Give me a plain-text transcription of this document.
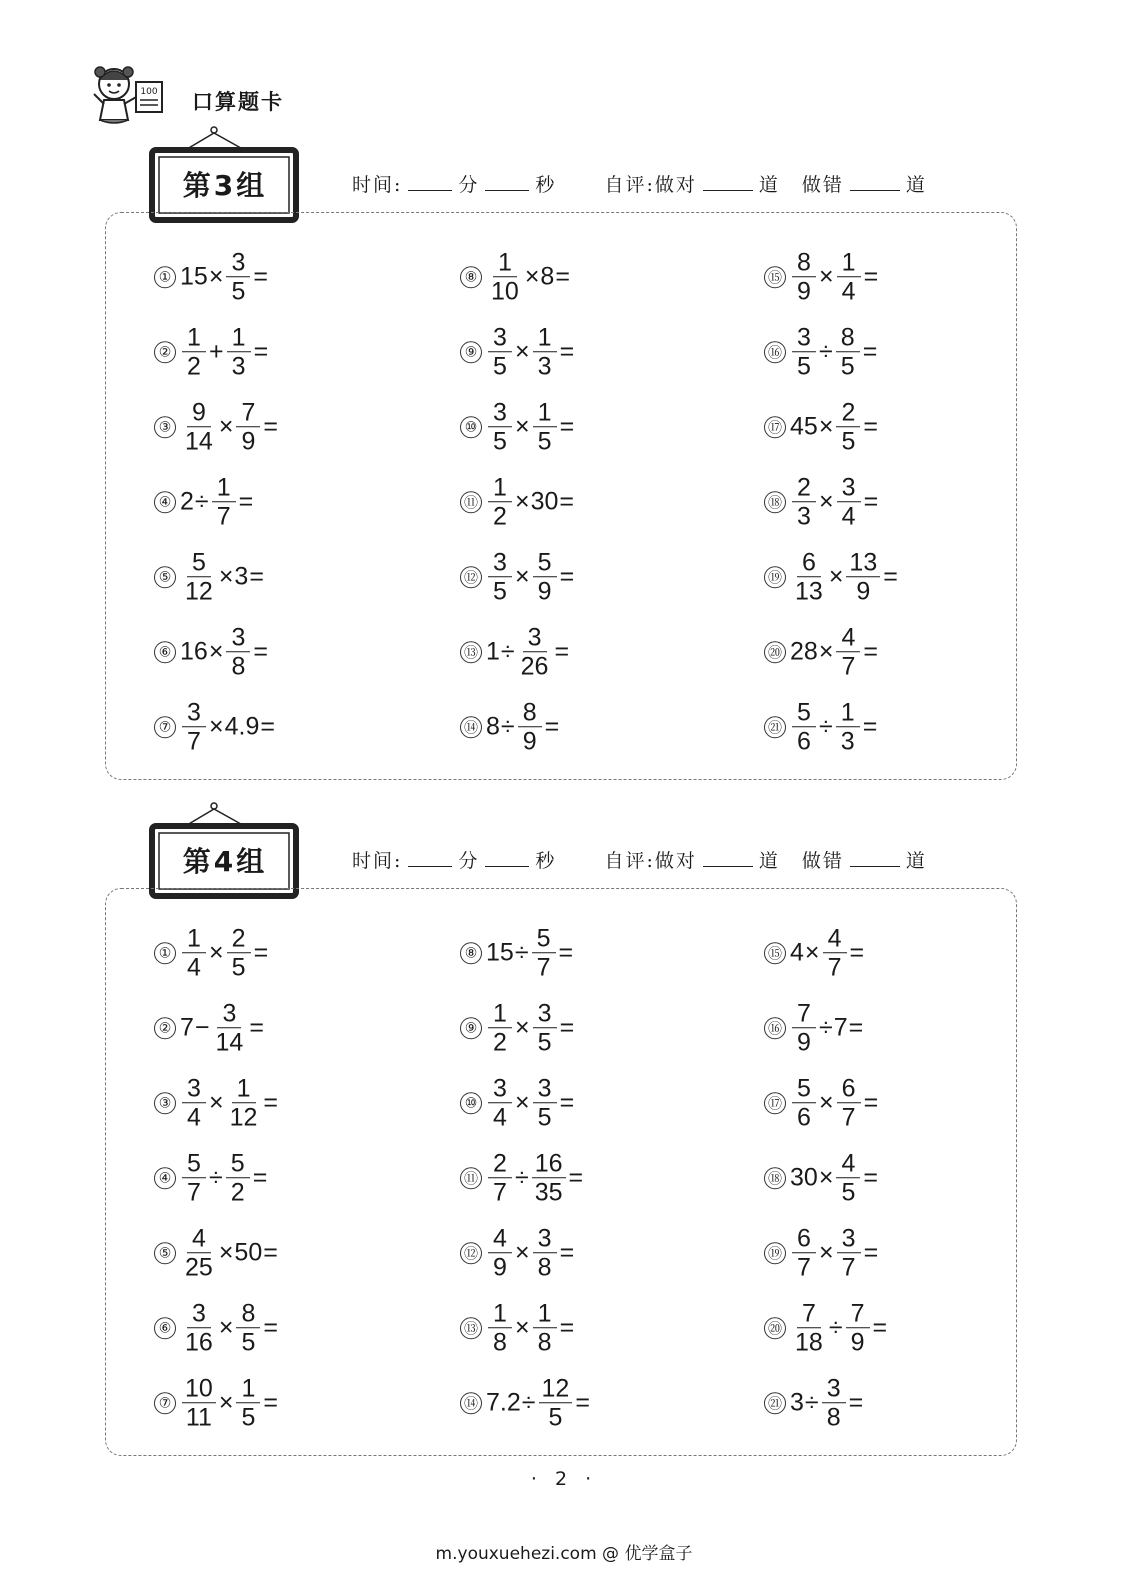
100 口算题卡
第3组	时间:	分	秒	自评:做对	道 做错	道
① $15 \times \frac{3}{5}$ =
② $\frac{1}{2} + \frac{1}{3}$ =
③ $\frac{9}{14} \times \frac{7}{9}$ =
④ $2 \div \frac{1}{7}$ =
⑤ $\frac{5}{12} \times 3$ =
⑥ $16 \times \frac{3}{8}$ =
⑦ $\frac{3}{7} \times 4.9$ =
⑧ $\frac{1}{10} \times 8$ =
⑨ $\frac{3}{5} \times \frac{1}{3}$ =
⑩ $\frac{3}{5} \times \frac{1}{5}$ =
⑪ $\frac{1}{2} \times 30$ =
⑫ $\frac{3}{5} \times \frac{5}{9}$ =
⑬ $1 \div \frac{3}{26}$ =
⑭ $8 \div \frac{8}{9}$ =
⑮ $\frac{8}{9} \times \frac{1}{4}$ =
⑯ $\frac{3}{5} \div \frac{8}{5}$ =
⑰ $45 \times \frac{2}{5}$ =
⑱ $\frac{2}{3} \times \frac{3}{4}$ =
⑲ $\frac{6}{13} \times \frac{13}{9}$ =
⑳ $28 \times \frac{4}{7}$ =
㉑ $\frac{5}{6} \div \frac{1}{3}$ =
第4组	时间:	分	秒	自评:做对	道 做错	道
① $\frac{1}{4} \times \frac{2}{5}$ =
② $7 - \frac{3}{14}$ =
③ $\frac{3}{4} \times \frac{1}{12}$ =
④ $\frac{5}{7} \div \frac{5}{2}$ =
⑤ $\frac{4}{25} \times 50$ =
⑥ $\frac{3}{16} \times \frac{8}{5}$ =
⑦ $\frac{10}{11} \times \frac{1}{5}$ =
⑧ $15 \div \frac{5}{7}$ =
⑨ $\frac{1}{2} \times \frac{3}{5}$ =
⑩ $\frac{3}{4} \times \frac{3}{5}$ =
⑪ $\frac{2}{7} \div \frac{16}{35}$ =
⑫ $\frac{4}{9} \times \frac{3}{8}$ =
⑬ $\frac{1}{8} \times \frac{1}{8}$ =
⑭ $7.2 \div \frac{12}{5}$ =
⑮ $4 \times \frac{4}{7}$ =
⑯ $\frac{7}{9} \div 7$ =
⑰ $\frac{5}{6} \times \frac{6}{7}$ =
⑱ $30 \times \frac{4}{5}$ =
⑲ $\frac{6}{7} \times \frac{3}{7}$ =
⑳ $\frac{7}{18} \div \frac{7}{9}$ =
㉑ $3 \div \frac{3}{8}$ =
· 2 ·
m.youxuehezi.com @ 优学盒子
